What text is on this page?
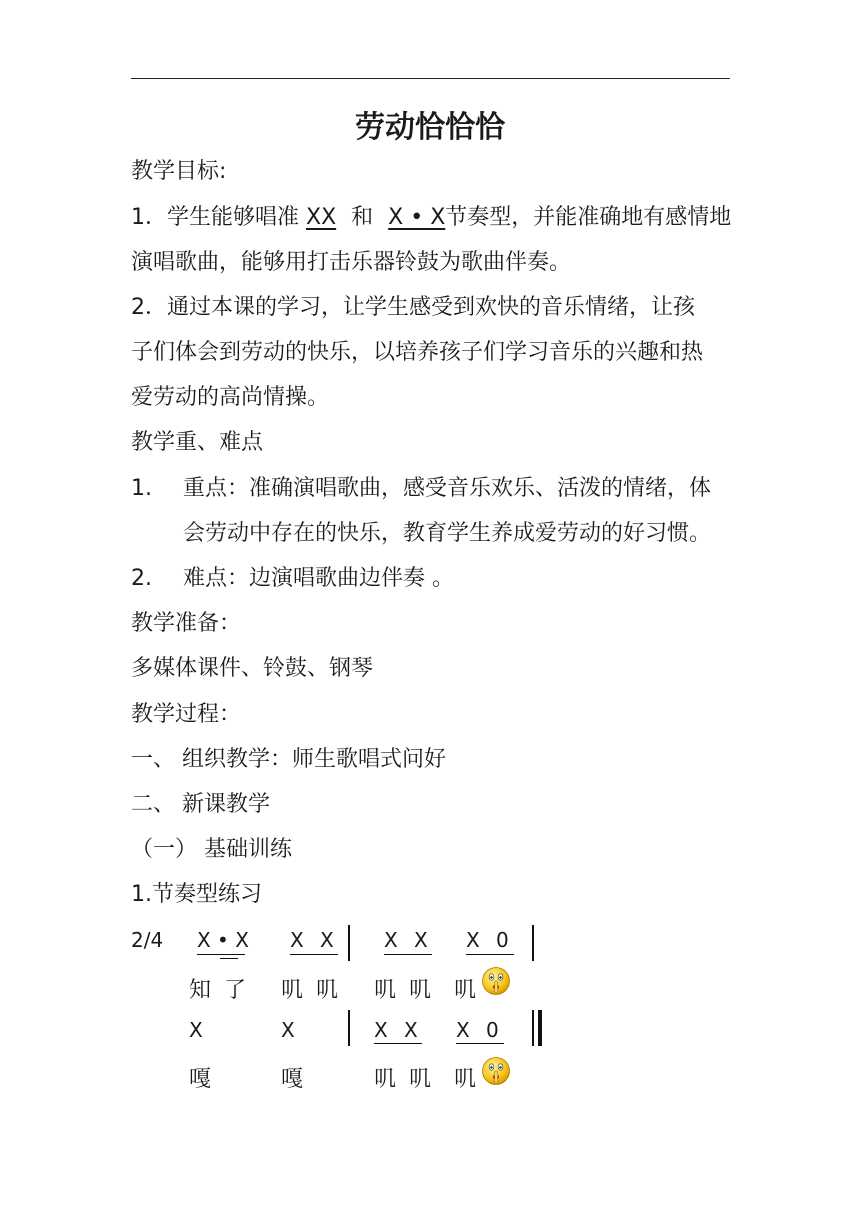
劳动恰恰恰
教学目标:
1．学生能够唱准 XX 和 X • X节奏型，并能准确地有感情地
演唱歌曲，能够用打击乐器铃鼓为歌曲伴奏。
2．通过本课的学习，让学生感受到欢快的音乐情绪，让孩
子们体会到劳动的快乐，以培养孩子们学习音乐的兴趣和热
爱劳动的高尚情操。
教学重、难点
1. 重点：准确演唱歌曲，感受音乐欢乐、活泼的情绪，体
会劳动中存在的快乐，教育学生养成爱劳动的好习惯。
2. 难点：边演唱歌曲边伴奏 。
教学准备：
多媒体课件、铃鼓、钢琴
教学过程：
一、 组织教学：师生歌唱式问好
二、 新课教学
（一） 基础训练
1.节奏型练习
2/4 X • X X X	X X X 0
知 了 叽 叽 叽 叽 叽
X	X	X X X 0
嘎	嘎	叽 叽 叽
